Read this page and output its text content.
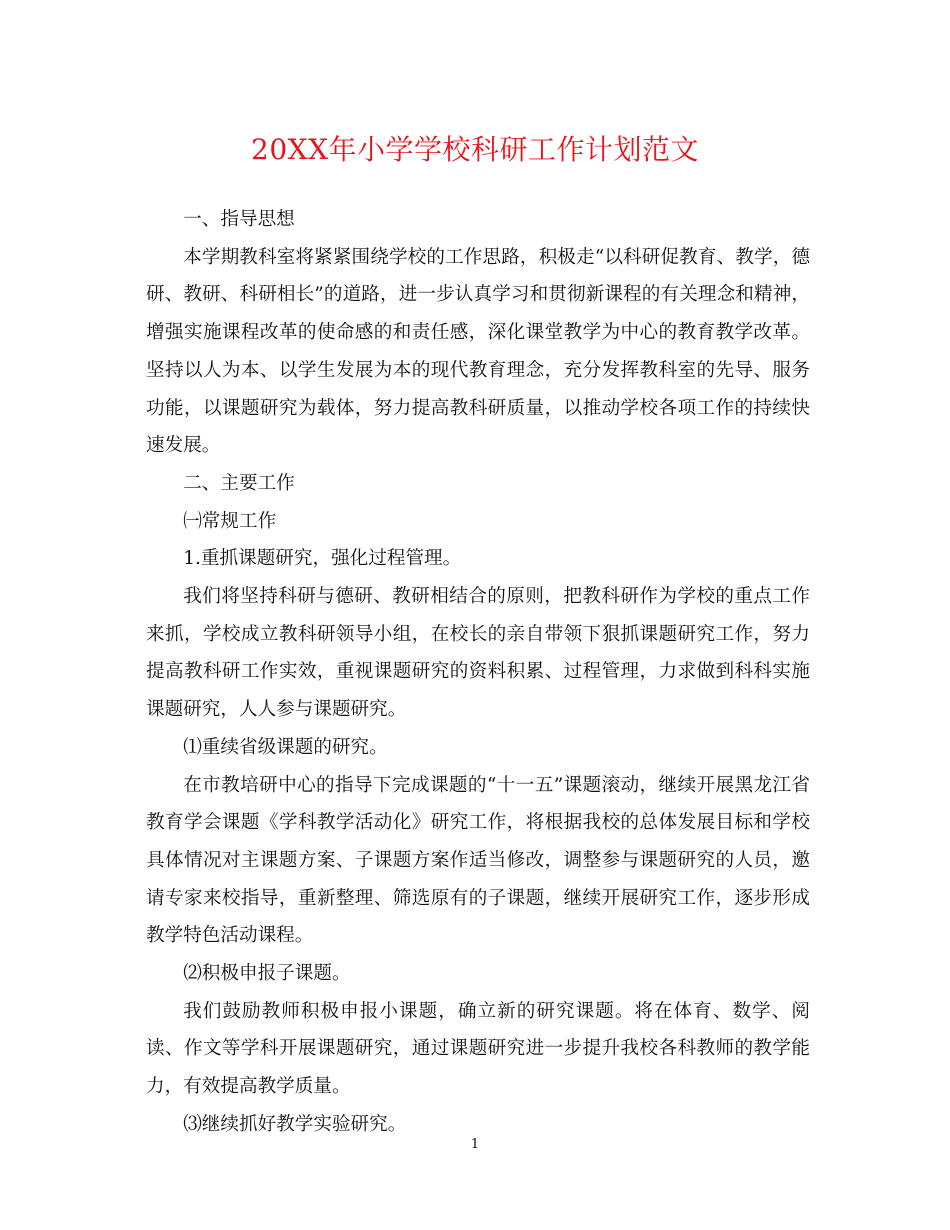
20XX年小学学校科研工作计划范文

一、指导思想

本学期教科室将紧紧围绕学校的工作思路，积极走“以科研促教育、教学，德研、教研、科研相长”的道路，进一步认真学习和贯彻新课程的有关理念和精神，增强实施课程改革的使命感的和责任感，深化课堂教学为中心的教育教学改革。坚持以人为本、以学生发展为本的现代教育理念，充分发挥教科室的先导、服务功能，以课题研究为载体，努力提高教科研质量，以推动学校各项工作的持续快速发展。

二、主要工作

㈠常规工作

1.重抓课题研究，强化过程管理。

我们将坚持科研与德研、教研相结合的原则，把教科研作为学校的重点工作来抓，学校成立教科研领导小组，在校长的亲自带领下狠抓课题研究工作，努力提高教科研工作实效，重视课题研究的资料积累、过程管理，力求做到科科实施课题研究，人人参与课题研究。

⑴重续省级课题的研究。

在市教培研中心的指导下完成课题的“十一五”课题滚动，继续开展黑龙江省教育学会课题《学科教学活动化》研究工作，将根据我校的总体发展目标和学校具体情况对主课题方案、子课题方案作适当修改，调整参与课题研究的人员，邀请专家来校指导，重新整理、筛选原有的子课题，继续开展研究工作，逐步形成教学特色活动课程。

⑵积极申报子课题。

我们鼓励教师积极申报小课题，确立新的研究课题。将在体育、数学、阅读、作文等学科开展课题研究，通过课题研究进一步提升我校各科教师的教学能力，有效提高教学质量。

⑶继续抓好教学实验研究。

1
